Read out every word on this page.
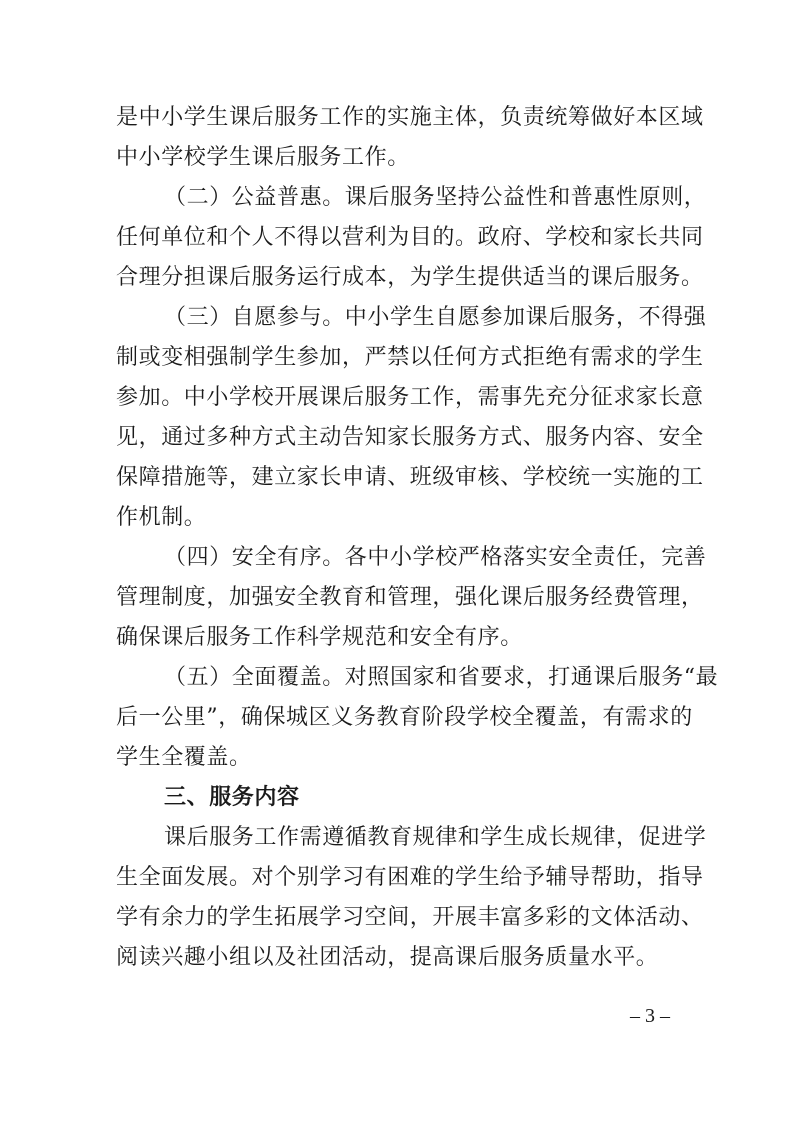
是中小学生课后服务工作的实施主体，负责统筹做好本区域
中小学校学生课后服务工作。
（二）公益普惠。课后服务坚持公益性和普惠性原则，
任何单位和个人不得以营利为目的。政府、学校和家长共同
合理分担课后服务运行成本，为学生提供适当的课后服务。
（三）自愿参与。中小学生自愿参加课后服务，不得强
制或变相强制学生参加，严禁以任何方式拒绝有需求的学生
参加。中小学校开展课后服务工作，需事先充分征求家长意
见，通过多种方式主动告知家长服务方式、服务内容、安全
保障措施等，建立家长申请、班级审核、学校统一实施的工
作机制。
（四）安全有序。各中小学校严格落实安全责任，完善
管理制度，加强安全教育和管理，强化课后服务经费管理，
确保课后服务工作科学规范和安全有序。
（五）全面覆盖。对照国家和省要求，打通课后服务“最
后一公里”，确保城区义务教育阶段学校全覆盖，有需求的
学生全覆盖。
三、服务内容
课后服务工作需遵循教育规律和学生成长规律，促进学
生全面发展。对个别学习有困难的学生给予辅导帮助，指导
学有余力的学生拓展学习空间，开展丰富多彩的文体活动、
阅读兴趣小组以及社团活动，提高课后服务质量水平。
– 3 –
